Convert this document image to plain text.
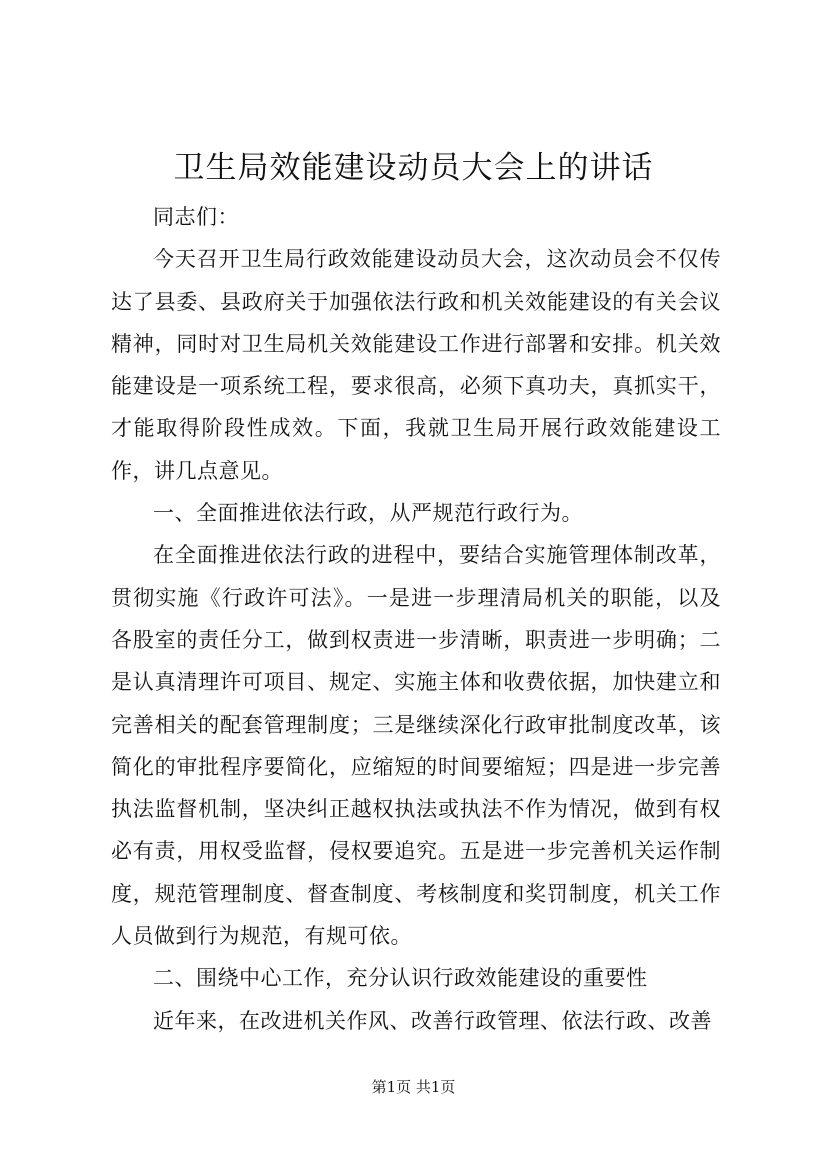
卫生局效能建设动员大会上的讲话

同志们：

今天召开卫生局行政效能建设动员大会，这次动员会不仅传达了县委、县政府关于加强依法行政和机关效能建设的有关会议精神，同时对卫生局机关效能建设工作进行部署和安排。机关效能建设是一项系统工程，要求很高，必须下真功夫，真抓实干，才能取得阶段性成效。下面，我就卫生局开展行政效能建设工作，讲几点意见。

一、全面推进依法行政，从严规范行政行为。

在全面推进依法行政的进程中，要结合实施管理体制改革，贯彻实施《行政许可法》。一是进一步理清局机关的职能，以及各股室的责任分工，做到权责进一步清晰，职责进一步明确；二是认真清理许可项目、规定、实施主体和收费依据，加快建立和完善相关的配套管理制度；三是继续深化行政审批制度改革，该简化的审批程序要简化，应缩短的时间要缩短；四是进一步完善执法监督机制，坚决纠正越权执法或执法不作为情况，做到有权必有责，用权受监督，侵权要追究。五是进一步完善机关运作制度，规范管理制度、督查制度、考核制度和奖罚制度，机关工作人员做到行为规范，有规可依。

二、围绕中心工作，充分认识行政效能建设的重要性

近年来，在改进机关作风、改善行政管理、依法行政、改善

第1页 共1页
